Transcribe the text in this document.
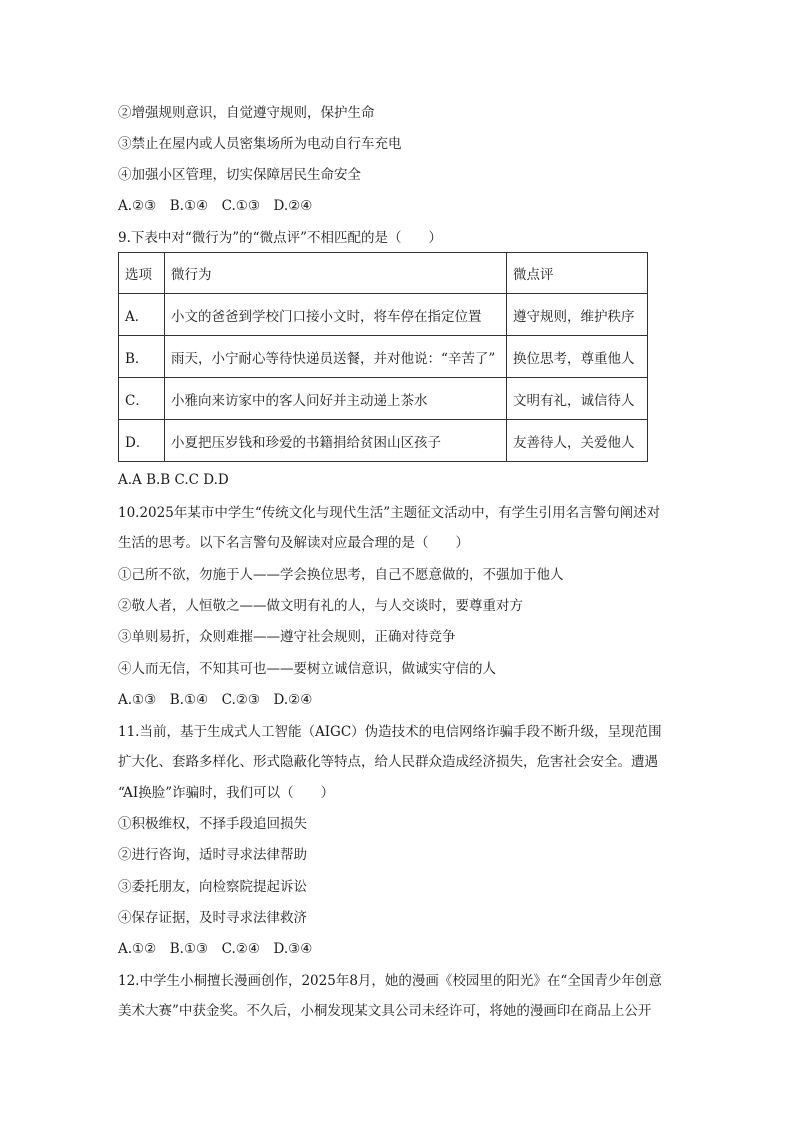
②增强规则意识，自觉遵守规则，保护生命
③禁止在屋内或人员密集场所为电动自行车充电
④加强小区管理，切实保障居民生命安全
A.②③　B.①④　C.①③　D.②④
9.下表中对“微行为”的“微点评”不相匹配的是（　　）
选项	微行为	微点评
A．	小文的爸爸到学校门口接小文时，将车停在指定位置	遵守规则，维护秩序
B．	雨天，小宁耐心等待快递员送餐，并对他说：“辛苦了”	换位思考，尊重他人
C．	小雅向来访家中的客人问好并主动递上茶水	文明有礼，诚信待人
D．	小夏把压岁钱和珍爱的书籍捐给贫困山区孩子	友善待人，关爱他人
A.A B.B C.C D.D
10.2025年某市中学生“传统文化与现代生活”主题征文活动中，有学生引用名言警句阐述对
生活的思考。以下名言警句及解读对应最合理的是（　　）
①己所不欲，勿施于人——学会换位思考，自己不愿意做的，不强加于他人
②敬人者，人恒敬之——做文明有礼的人，与人交谈时，要尊重对方
③单则易折，众则难摧——遵守社会规则，正确对待竞争
④人而无信，不知其可也——要树立诚信意识，做诚实守信的人
A.①③　B.①④　C.②③　D.②④
11.当前，基于生成式人工智能（AIGC）伪造技术的电信网络诈骗手段不断升级，呈现范围
扩大化、套路多样化、形式隐蔽化等特点，给人民群众造成经济损失，危害社会安全。遭遇
“AI换脸”诈骗时，我们可以（　　）
①积极维权，不择手段追回损失
②进行咨询，适时寻求法律帮助
③委托朋友，向检察院提起诉讼
④保存证据，及时寻求法律救济
A.①②　B.①③　C.②④　D.③④
12.中学生小桐擅长漫画创作，2025年8月，她的漫画《校园里的阳光》在“全国青少年创意
美术大赛”中获金奖。不久后，小桐发现某文具公司未经许可，将她的漫画印在商品上公开
